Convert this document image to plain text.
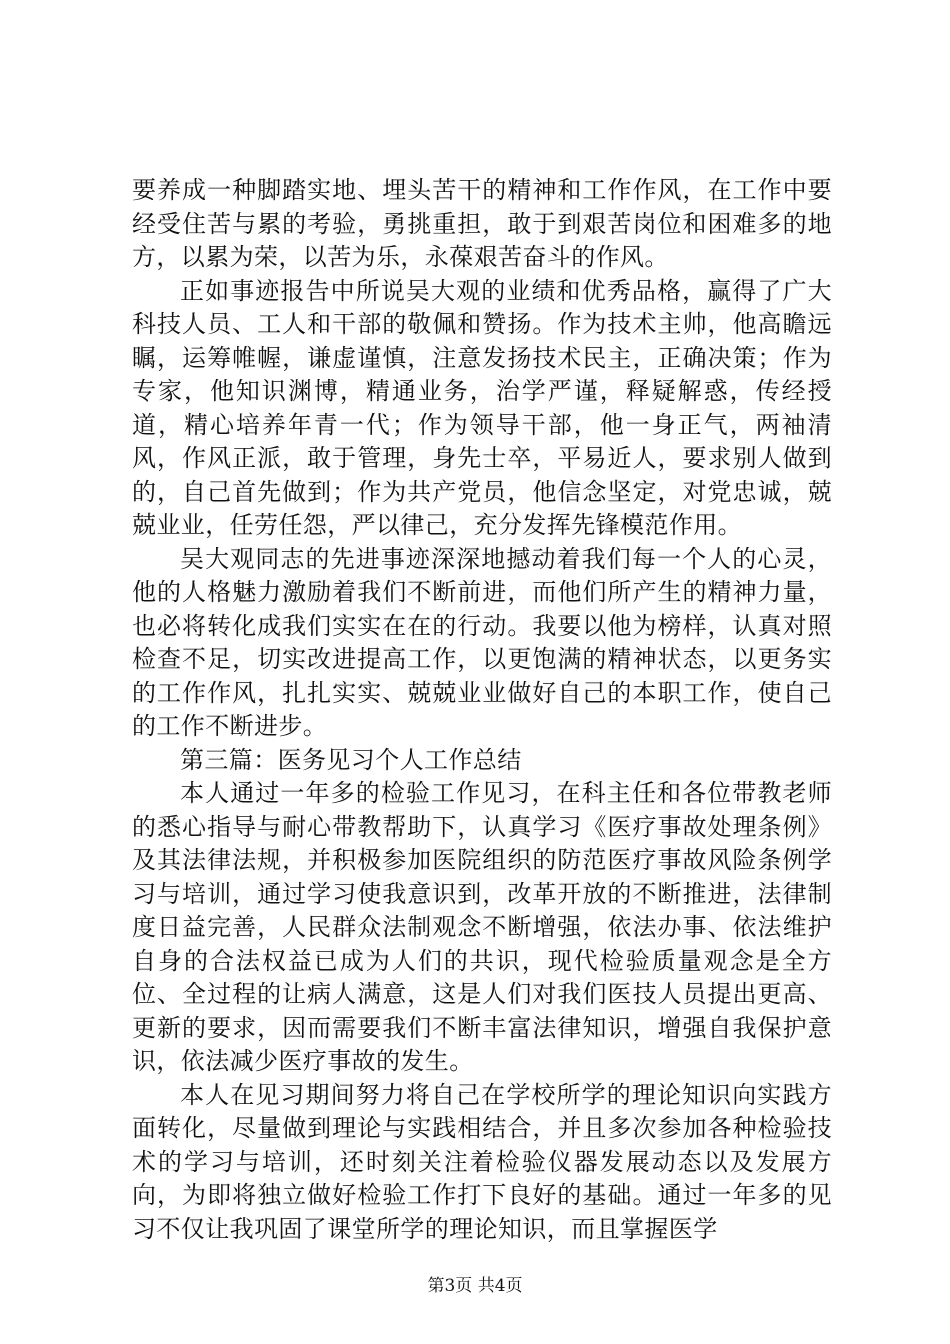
要养成一种脚踏实地、埋头苦干的精神和工作作风，在工作中要经受住苦与累的考验，勇挑重担，敢于到艰苦岗位和困难多的地方，以累为荣，以苦为乐，永葆艰苦奋斗的作风。

正如事迹报告中所说吴大观的业绩和优秀品格，赢得了广大科技人员、工人和干部的敬佩和赞扬。作为技术主帅，他高瞻远瞩，运筹帷幄，谦虚谨慎，注意发扬技术民主，正确决策；作为专家，他知识渊博，精通业务，治学严谨，释疑解惑，传经授道，精心培养年青一代；作为领导干部，他一身正气，两袖清风，作风正派，敢于管理，身先士卒，平易近人，要求别人做到的，自己首先做到；作为共产党员，他信念坚定，对党忠诚，兢兢业业，任劳任怨，严以律己，充分发挥先锋模范作用。

吴大观同志的先进事迹深深地撼动着我们每一个人的心灵，他的人格魅力激励着我们不断前进，而他们所产生的精神力量，也必将转化成我们实实在在的行动。我要以他为榜样，认真对照检查不足，切实改进提高工作，以更饱满的精神状态，以更务实的工作作风，扎扎实实、兢兢业业做好自己的本职工作，使自己的工作不断进步。

第三篇：医务见习个人工作总结

本人通过一年多的检验工作见习，在科主任和各位带教老师的悉心指导与耐心带教帮助下，认真学习《医疗事故处理条例》及其法律法规，并积极参加医院组织的防范医疗事故风险条例学习与培训，通过学习使我意识到，改革开放的不断推进，法律制度日益完善，人民群众法制观念不断增强，依法办事、依法维护自身的合法权益已成为人们的共识，现代检验质量观念是全方位、全过程的让病人满意，这是人们对我们医技人员提出更高、更新的要求，因而需要我们不断丰富法律知识，增强自我保护意识，依法减少医疗事故的发生。

本人在见习期间努力将自己在学校所学的理论知识向实践方面转化，尽量做到理论与实践相结合，并且多次参加各种检验技术的学习与培训，还时刻关注着检验仪器发展动态以及发展方向，为即将独立做好检验工作打下良好的基础。通过一年多的见习不仅让我巩固了课堂所学的理论知识，而且掌握医学

第3页 共4页
